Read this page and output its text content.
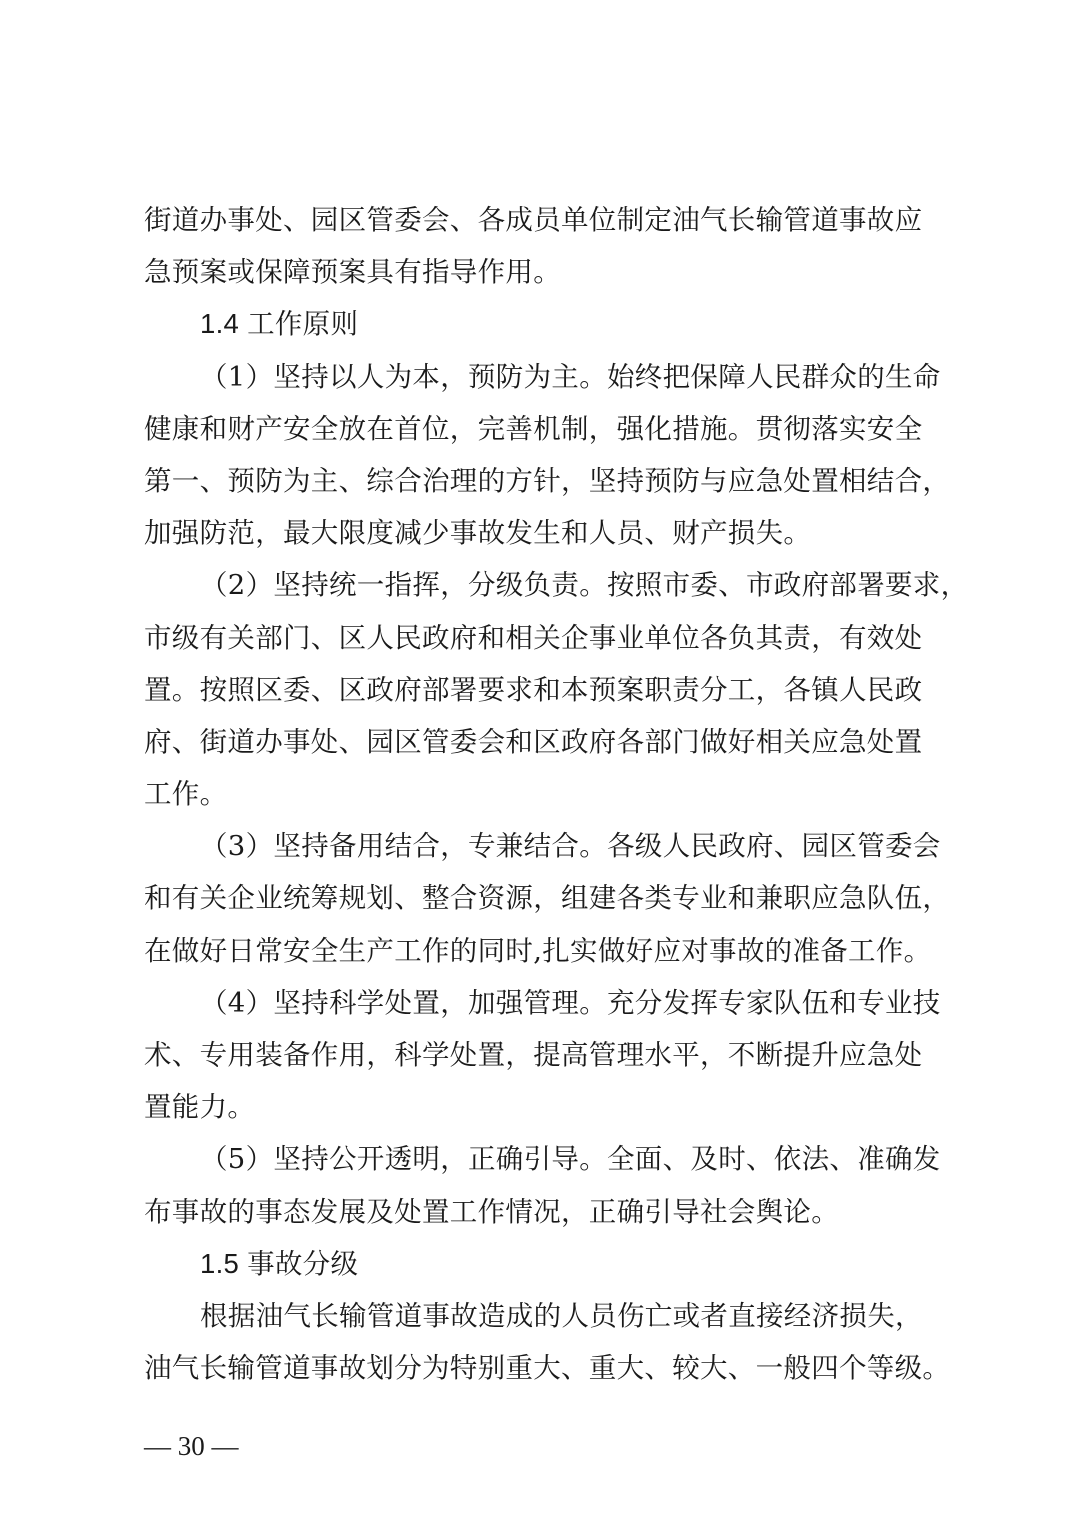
街道办事处、园区管委会、各成员单位制定油气长输管道事故应
急预案或保障预案具有指导作用。
1.4 工作原则
（1）坚持以人为本，预防为主。始终把保障人民群众的生命
健康和财产安全放在首位，完善机制，强化措施。贯彻落实安全
第一、预防为主、综合治理的方针，坚持预防与应急处置相结合，
加强防范，最大限度减少事故发生和人员、财产损失。
（2）坚持统一指挥，分级负责。按照市委、市政府部署要求，
市级有关部门、区人民政府和相关企事业单位各负其责，有效处
置。按照区委、区政府部署要求和本预案职责分工，各镇人民政
府、街道办事处、园区管委会和区政府各部门做好相关应急处置
工作。
（3）坚持备用结合，专兼结合。各级人民政府、园区管委会
和有关企业统筹规划、整合资源，组建各类专业和兼职应急队伍，
在做好日常安全生产工作的同时,扎实做好应对事故的准备工作。
（4）坚持科学处置，加强管理。充分发挥专家队伍和专业技
术、专用装备作用，科学处置，提高管理水平，不断提升应急处
置能力。
（5）坚持公开透明，正确引导。全面、及时、依法、准确发
布事故的事态发展及处置工作情况，正确引导社会舆论。
1.5 事故分级
根据油气长输管道事故造成的人员伤亡或者直接经济损失，
油气长输管道事故划分为特别重大、重大、较大、一般四个等级。
— 30 —
